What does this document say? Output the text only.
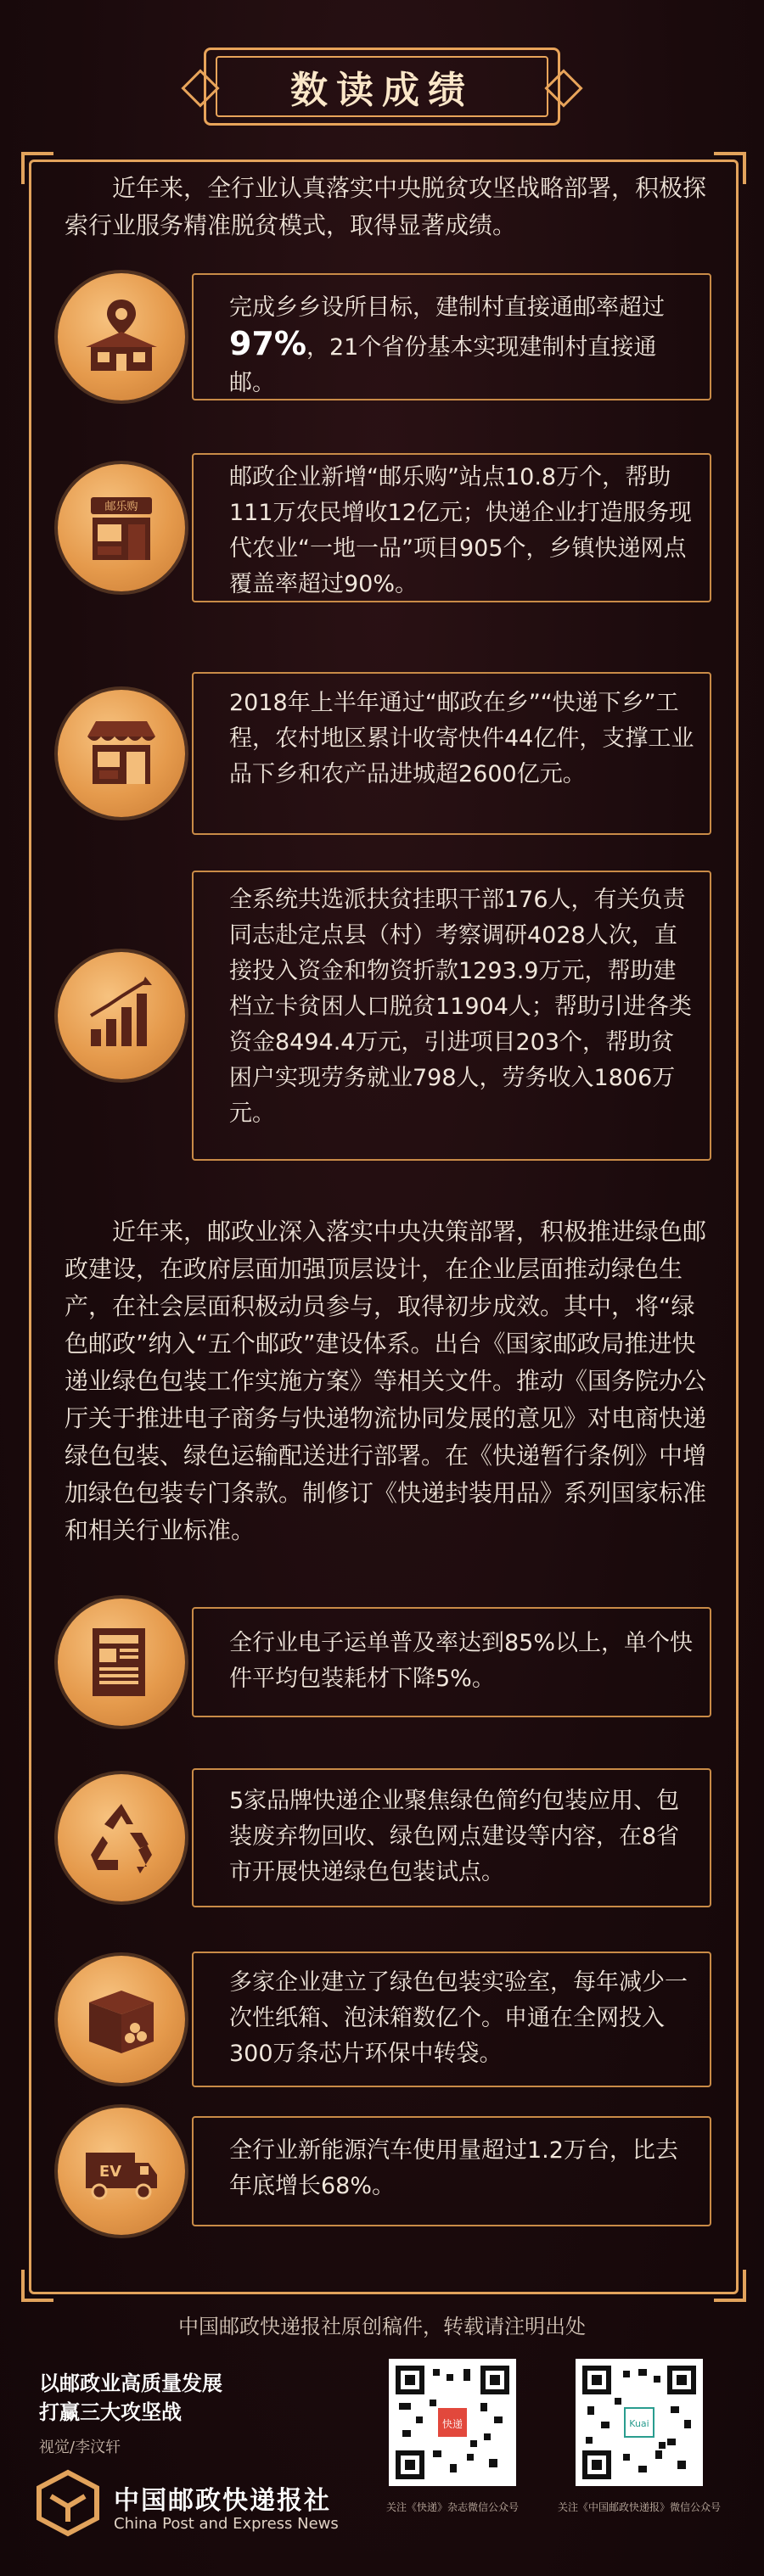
数读成绩
近年来，全行业认真落实中央脱贫攻坚战略部署，积极探索行业服务精准脱贫模式，取得显著成绩。
完成乡乡设所目标，建制村直接通邮率超过97%，21个省份基本实现建制村直接通邮。
邮乐购
邮政企业新增“邮乐购”站点10.8万个，帮助111万农民增收12亿元；快递企业打造服务现代农业“一地一品”项目905个，乡镇快递网点覆盖率超过90%。
2018年上半年通过“邮政在乡”“快递下乡”工程，农村地区累计收寄快件44亿件，支撑工业品下乡和农产品进城超2600亿元。
全系统共选派扶贫挂职干部176人，有关负责同志赴定点县（村）考察调研4028人次，直接投入资金和物资折款1293.9万元，帮助建档立卡贫困人口脱贫11904人；帮助引进各类资金8494.4万元，引进项目203个，帮助贫困户实现劳务就业798人，劳务收入1806万元。
近年来，邮政业深入落实中央决策部署，积极推进绿色邮政建设，在政府层面加强顶层设计，在企业层面推动绿色生产，在社会层面积极动员参与，取得初步成效。其中，将“绿色邮政”纳入“五个邮政”建设体系。出台《国家邮政局推进快递业绿色包装工作实施方案》等相关文件。推动《国务院办公厅关于推进电子商务与快递物流协同发展的意见》对电商快递绿色包装、绿色运输配送进行部署。在《快递暂行条例》中增加绿色包装专门条款。制修订《快递封装用品》系列国家标准和相关行业标准。
全行业电子运单普及率达到85%以上，单个快件平均包装耗材下降5%。
5家品牌快递企业聚焦绿色简约包装应用、包装废弃物回收、绿色网点建设等内容，在8省市开展快递绿色包装试点。
多家企业建立了绿色包装实验室，每年减少一次性纸箱、泡沫箱数亿个。申通在全网投入300万条芯片环保中转袋。
EV
全行业新能源汽车使用量超过1.2万台，比去年底增长68%。
中国邮政快递报社原创稿件，转载请注明出处
以邮政业高质量发展
打赢三大攻坚战
视觉/李汶轩
中国邮政快递报社
China Post and Express News
快递
关注《快递》杂志微信公众号
Kuai
关注《中国邮政快递报》微信公众号
